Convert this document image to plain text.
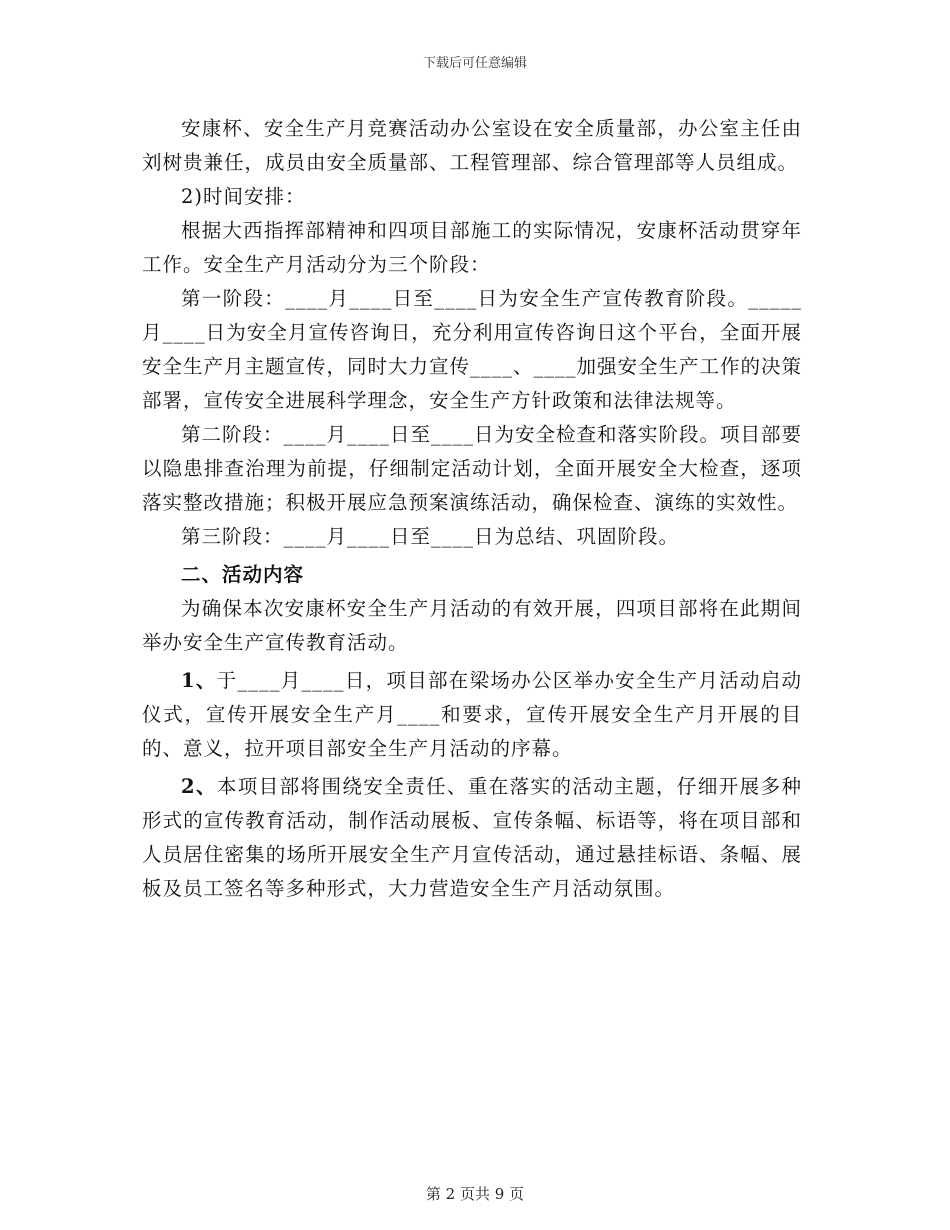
下载后可任意编辑

安康杯、安全生产月竞赛活动办公室设在安全质量部，办公室主任由刘树贵兼任，成员由安全质量部、工程管理部、综合管理部等人员组成。

2)时间安排：

根据大西指挥部精神和四项目部施工的实际情况，安康杯活动贯穿年工作。安全生产月活动分为三个阶段：

第一阶段：____月____日至____日为安全生产宣传教育阶段。_____月____日为安全月宣传咨询日，充分利用宣传咨询日这个平台，全面开展安全生产月主题宣传，同时大力宣传____、____加强安全生产工作的决策部署，宣传安全进展科学理念，安全生产方针政策和法律法规等。

第二阶段：____月____日至____日为安全检查和落实阶段。项目部要以隐患排查治理为前提，仔细制定活动计划，全面开展安全大检查，逐项落实整改措施；积极开展应急预案演练活动，确保检查、演练的实效性。

第三阶段：____月____日至____日为总结、巩固阶段。

二、活动内容

为确保本次安康杯安全生产月活动的有效开展，四项目部将在此期间举办安全生产宣传教育活动。

1、于____月____日，项目部在梁场办公区举办安全生产月活动启动仪式，宣传开展安全生产月____和要求，宣传开展安全生产月开展的目的、意义，拉开项目部安全生产月活动的序幕。

2、本项目部将围绕安全责任、重在落实的活动主题，仔细开展多种形式的宣传教育活动，制作活动展板、宣传条幅、标语等，将在项目部和人员居住密集的场所开展安全生产月宣传活动，通过悬挂标语、条幅、展板及员工签名等多种形式，大力营造安全生产月活动氛围。

第 2 页共 9 页
